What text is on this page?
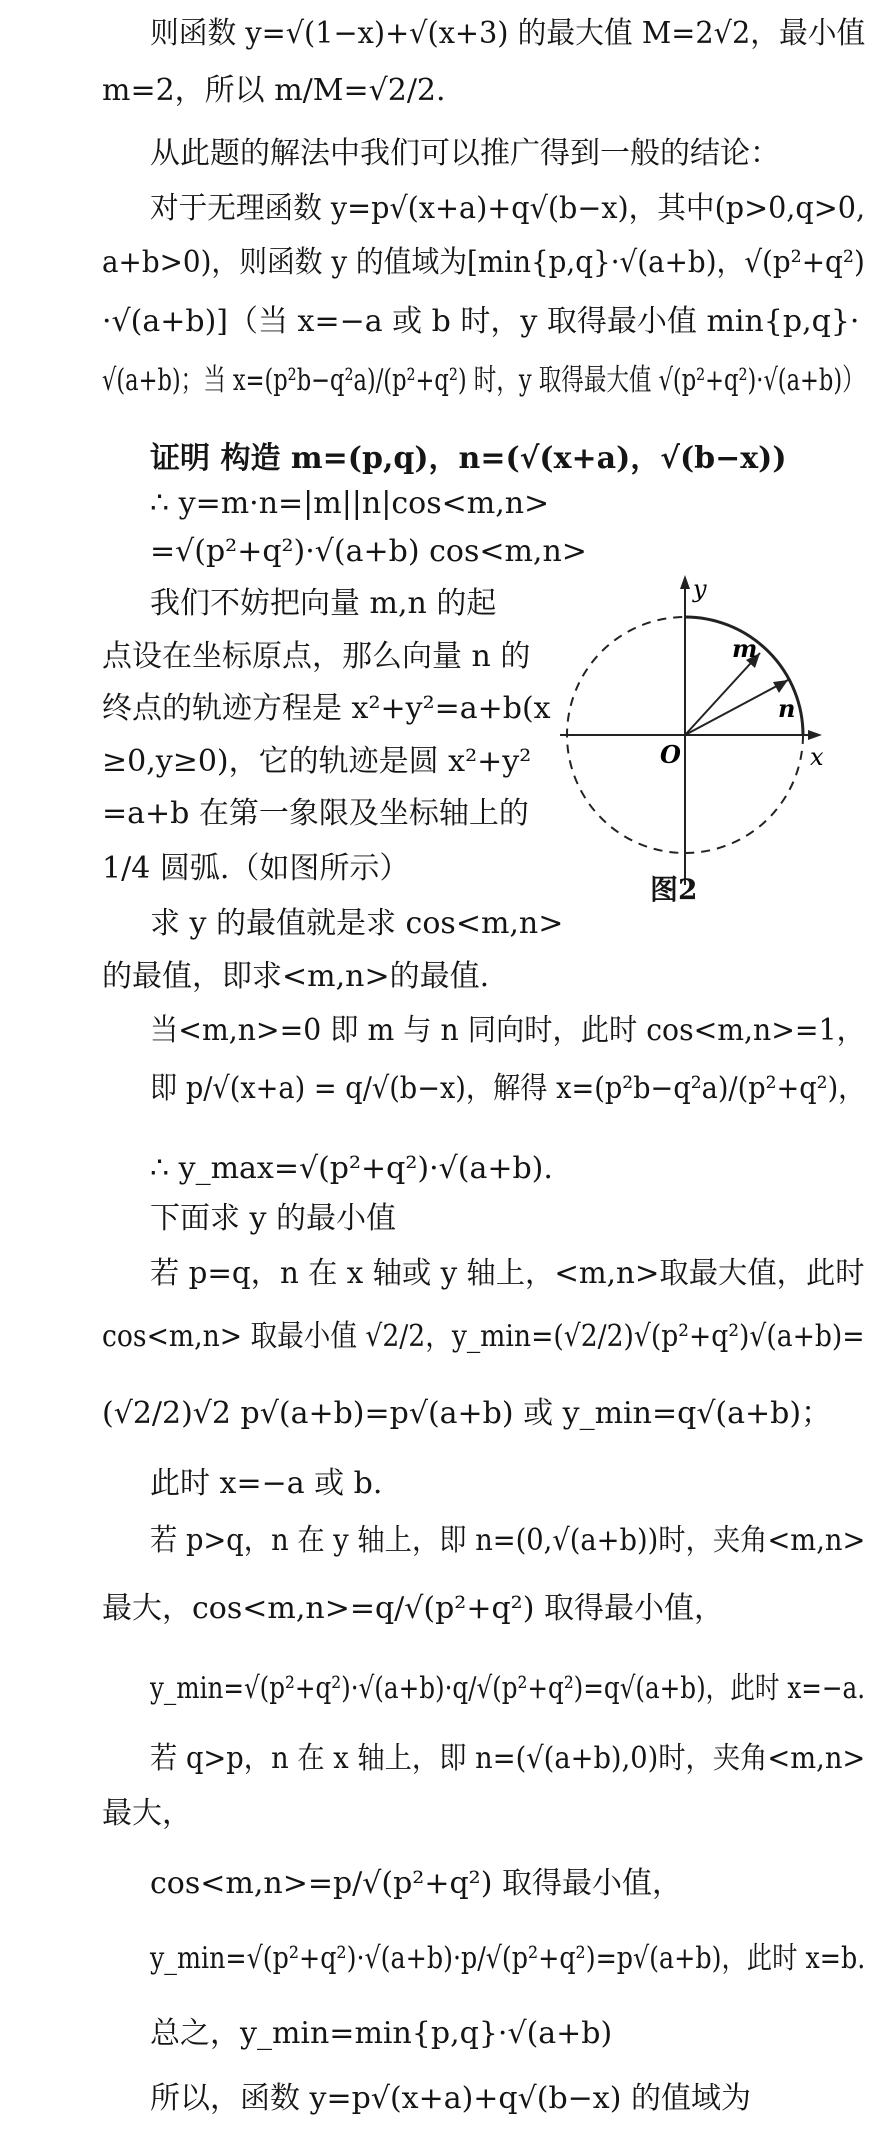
则函数 y=√(1−x)+√(x+3) 的最大值 M=2√2，最小值
m=2，所以 m/M=√2/2.
从此题的解法中我们可以推广得到一般的结论：
对于无理函数 y=p√(x+a)+q√(b−x)，其中(p>0,q>0,
a+b>0)，则函数 y 的值域为[min{p,q}·√(a+b)，√(p²+q²)
·√(a+b)]（当 x=−a 或 b 时，y 取得最小值 min{p,q}·
√(a+b)；当 x=(p²b−q²a)/(p²+q²) 时，y 取得最大值 √(p²+q²)·√(a+b)）
证明 构造 m=(p,q)，n=(√(x+a)，√(b−x))
∴ y=m·n=|m||n|cos<m,n>
=√(p²+q²)·√(a+b) cos<m,n>
我们不妨把向量 m,n 的起
点设在坐标原点，那么向量 n 的
终点的轨迹方程是 x²+y²=a+b(x
≥0,y≥0)，它的轨迹是圆 x²+y²
=a+b 在第一象限及坐标轴上的
1/4 圆弧.（如图所示）
求 y 的最值就是求 cos<m,n>
的最值，即求<m,n>的最值.
当<m,n>=0 即 m 与 n 同向时，此时 cos<m,n>=1，
即 p/√(x+a) = q/√(b−x)，解得 x=(p²b−q²a)/(p²+q²)，
∴ y_max=√(p²+q²)·√(a+b).
下面求 y 的最小值
若 p=q，n 在 x 轴或 y 轴上，<m,n>取最大值，此时
cos<m,n> 取最小值 √2/2，y_min=(√2/2)√(p²+q²)√(a+b)=
(√2/2)√2 p√(a+b)=p√(a+b) 或 y_min=q√(a+b)；
此时 x=−a 或 b.
若 p>q，n 在 y 轴上，即 n=(0,√(a+b))时，夹角<m,n>
最大，cos<m,n>=q/√(p²+q²) 取得最小值，
y_min=√(p²+q²)·√(a+b)·q/√(p²+q²)=q√(a+b)，此时 x=−a.
若 q>p，n 在 x 轴上，即 n=(√(a+b),0)时，夹角<m,n>
最大，
cos<m,n>=p/√(p²+q²) 取得最小值，
y_min=√(p²+q²)·√(a+b)·p/√(p²+q²)=p√(a+b)，此时 x=b.
总之，y_min=min{p,q}·√(a+b)
所以，函数 y=p√(x+a)+q√(b−x) 的值域为
y
x
O
m
n
图2
